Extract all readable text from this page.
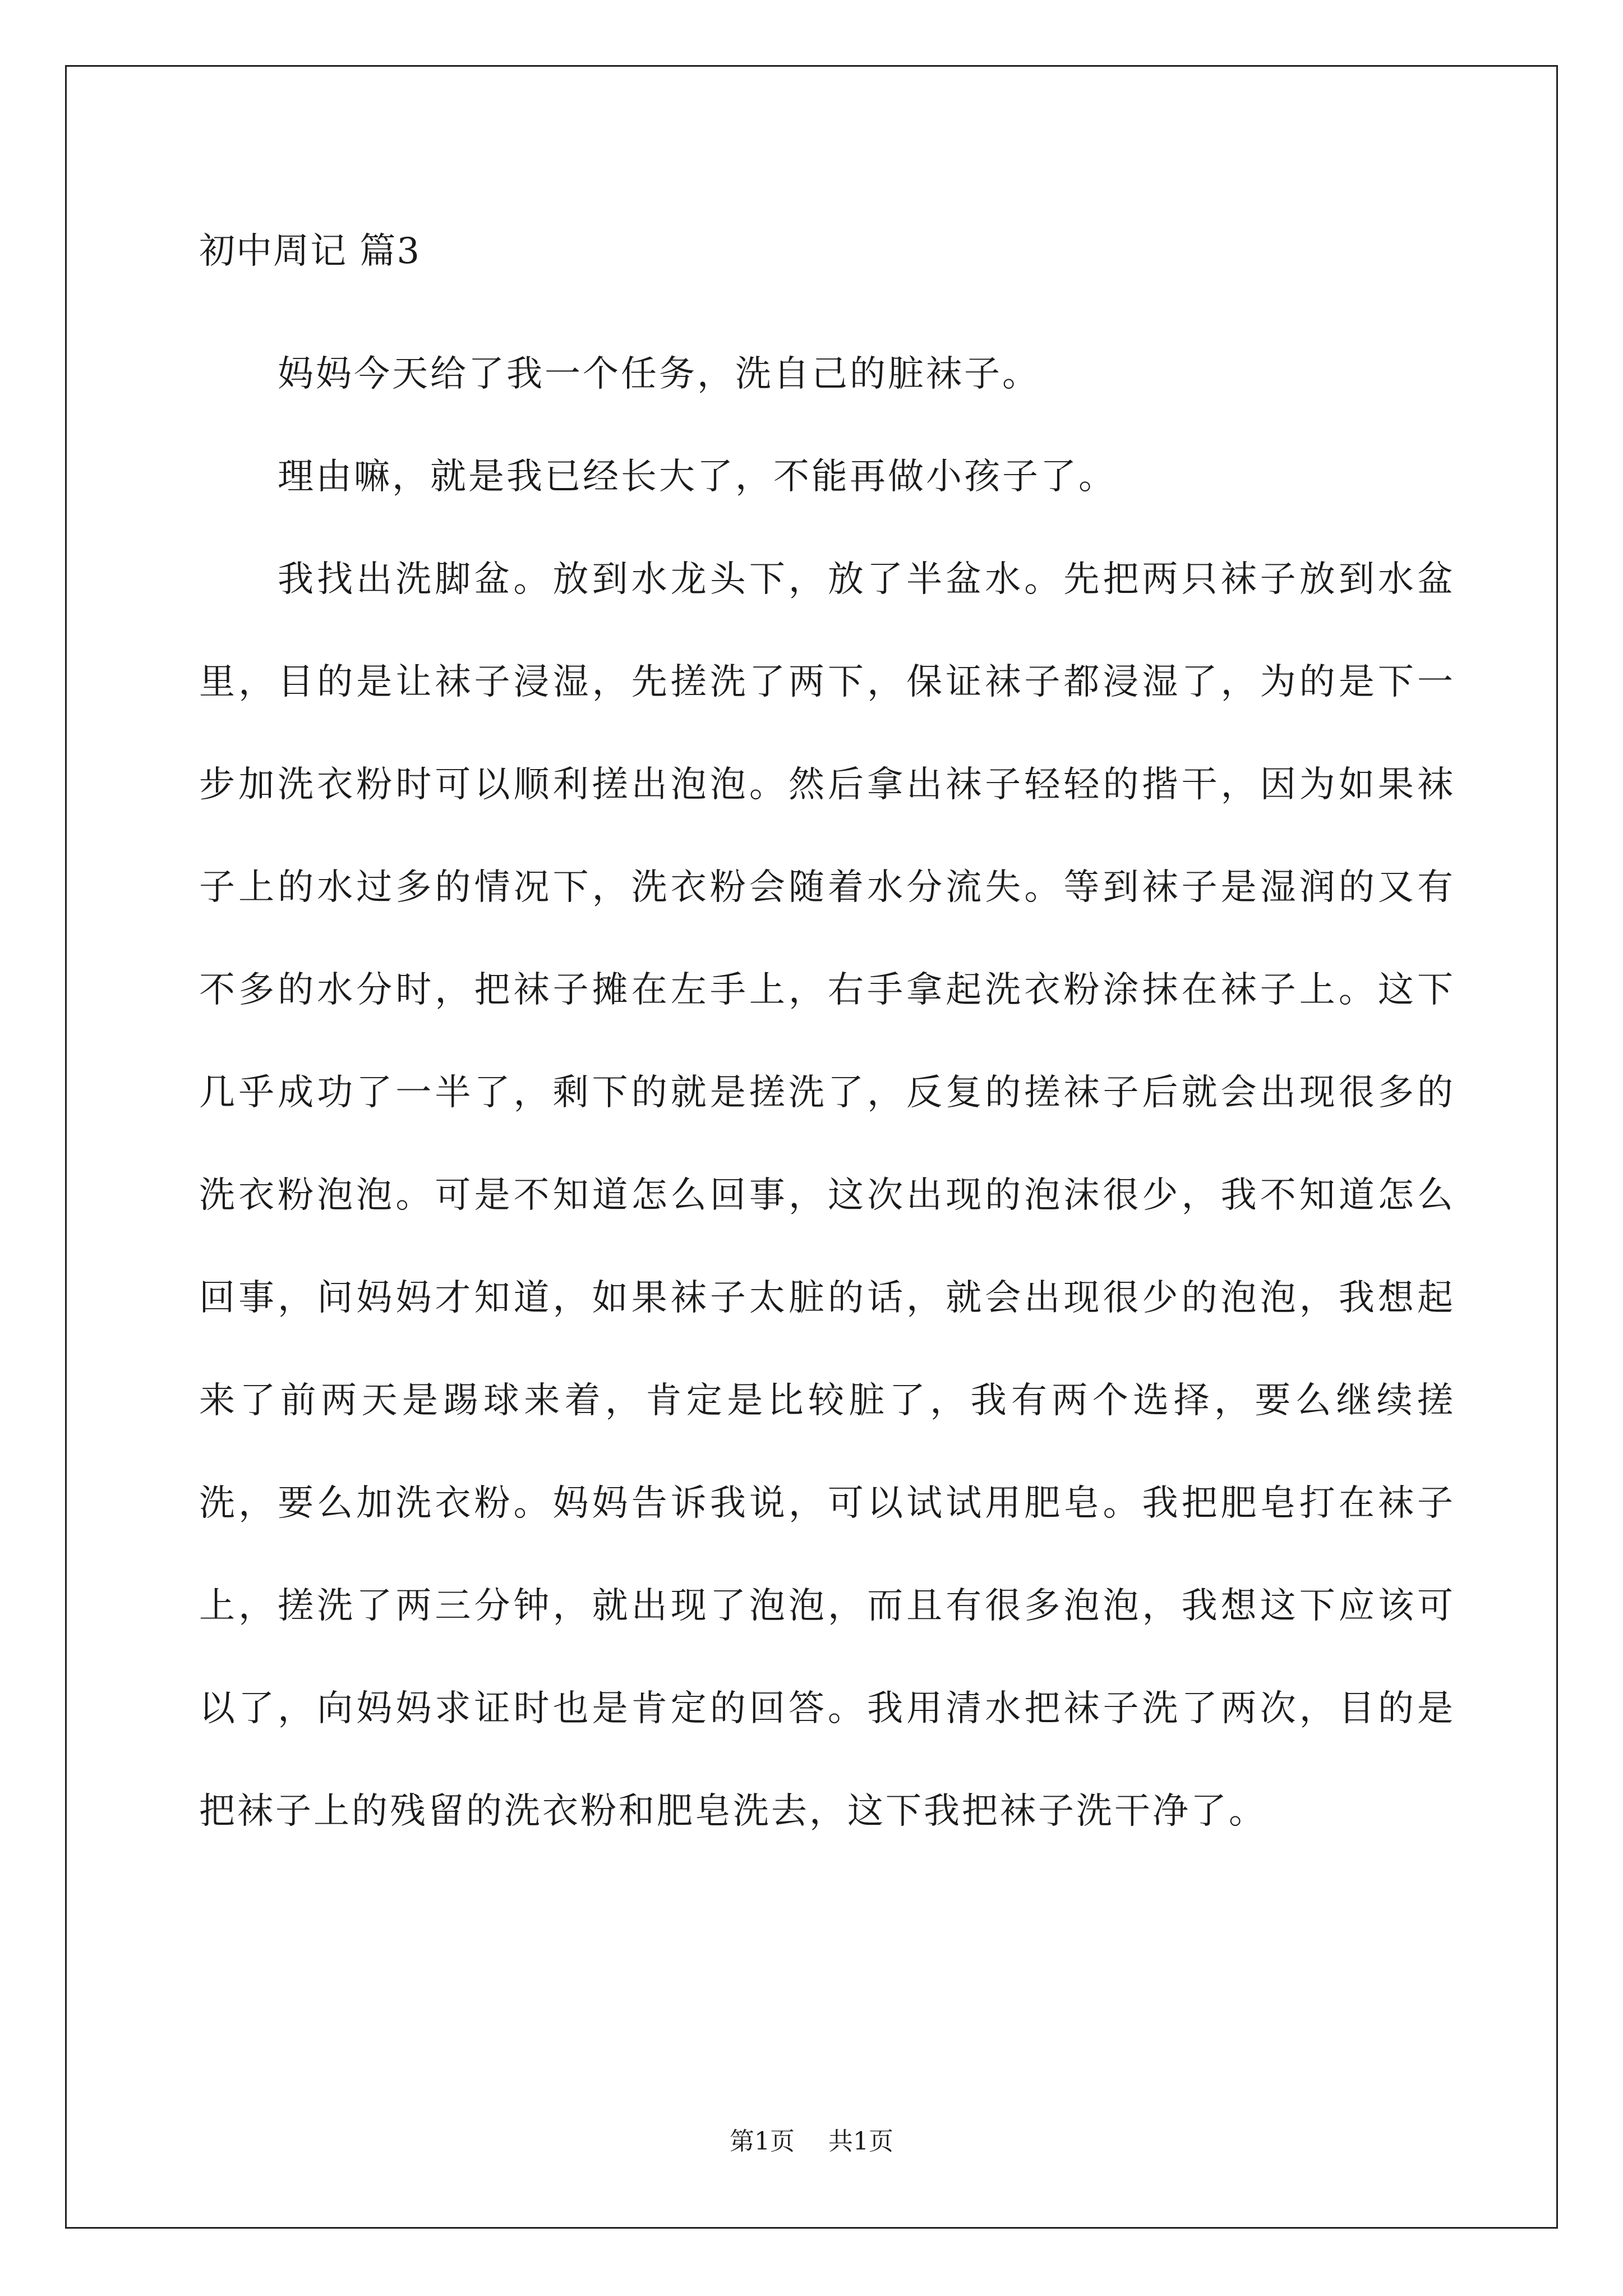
初中周记 篇3

妈妈今天给了我一个任务，洗自己的脏袜子。

理由嘛，就是我已经长大了，不能再做小孩子了。

我找出洗脚盆。放到水龙头下，放了半盆水。先把两只袜子放到水盆里，目的是让袜子浸湿，先搓洗了两下，保证袜子都浸湿了，为的是下一步加洗衣粉时可以顺利搓出泡泡。然后拿出袜子轻轻的揩干，因为如果袜子上的水过多的情况下，洗衣粉会随着水分流失。等到袜子是湿润的又有不多的水分时，把袜子摊在左手上，右手拿起洗衣粉涂抹在袜子上。这下几乎成功了一半了，剩下的就是搓洗了，反复的搓袜子后就会出现很多的洗衣粉泡泡。可是不知道怎么回事，这次出现的泡沫很少，我不知道怎么回事，问妈妈才知道，如果袜子太脏的话，就会出现很少的泡泡，我想起来了前两天是踢球来着，肯定是比较脏了，我有两个选择，要么继续搓洗，要么加洗衣粉。妈妈告诉我说，可以试试用肥皂。我把肥皂打在袜子上，搓洗了两三分钟，就出现了泡泡，而且有很多泡泡，我想这下应该可以了，向妈妈求证时也是肯定的回答。我用清水把袜子洗了两次，目的是把袜子上的残留的洗衣粉和肥皂洗去，这下我把袜子洗干净了。

第1页 共1页
